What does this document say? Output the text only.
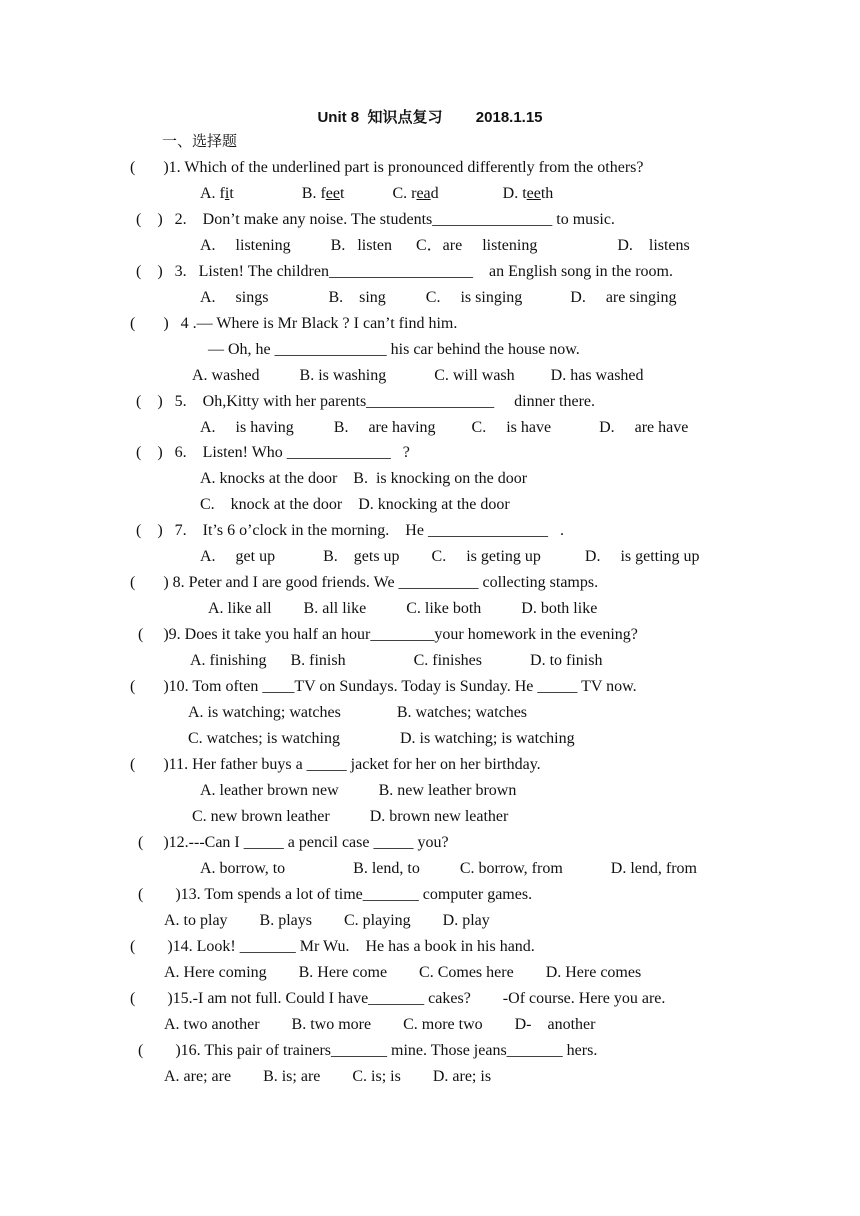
Unit 8  知识点复习        2018.1.15
一、选择题
(       )1. Which of the underlined part is pronounced differently from the others?
A. fit                 B. feet            C. read                D. teeth
(    )   2.    Don’t make any noise. The students_______________ to music.
A.     listening          B.   listen      C．are     listening                    D.    listens
(    )   3.   Listen! The children__________________    an English song in the room.
A.     sings               B.    sing          C.     is singing            D.     are singing
(       )   4 .— Where is Mr Black ? I can’t find him.
— Oh, he ______________ his car behind the house now.
A. washed          B. is washing            C. will wash         D. has washed
(    )   5.    Oh,Kitty with her parents________________     dinner there.
A.     is having          B.     are having         C.     is have            D.     are have
(    )   6.    Listen! Who _____________   ?
A. knocks at the door    B.  is knocking on the door
C.    knock at the door    D. knocking at the door
(    )   7.    It’s 6 o’clock in the morning.    He _______________   .
A.     get up            B.    gets up        C.     is geting up           D.     is getting up
(       ) 8. Peter and I are good friends. We __________ collecting stamps.
A. like all        B. all like          C. like both          D. both like
(     )9. Does it take you half an hour________your homework in the evening?
A. finishing      B. finish                 C. finishes            D. to finish
(       )10. Tom often ____TV on Sundays. Today is Sunday. He _____ TV now.
A. is watching; watches              B. watches; watches
C. watches; is watching               D. is watching; is watching
(       )11. Her father buys a _____ jacket for her on her birthday.
A. leather brown new          B. new leather brown
C. new brown leather          D. brown new leather
(     )12.---Can I _____ a pencil case _____ you?
A. borrow, to                 B. lend, to          C. borrow, from            D. lend, from
(        )13. Tom spends a lot of time_______ computer games.
A. to play        B. plays        C. playing        D. play
(        )14. Look! _______ Mr Wu.    He has a book in his hand.
A. Here coming        B. Here come        C. Comes here        D. Here comes
(        )15.-I am not full. Could I have_______ cakes?        -Of course. Here you are.
A. two another        B. two more        C. more two        D-    another
(        )16. This pair of trainers_______ mine. Those jeans_______ hers.
A. are; are        B. is; are        C. is; is        D. are; is
